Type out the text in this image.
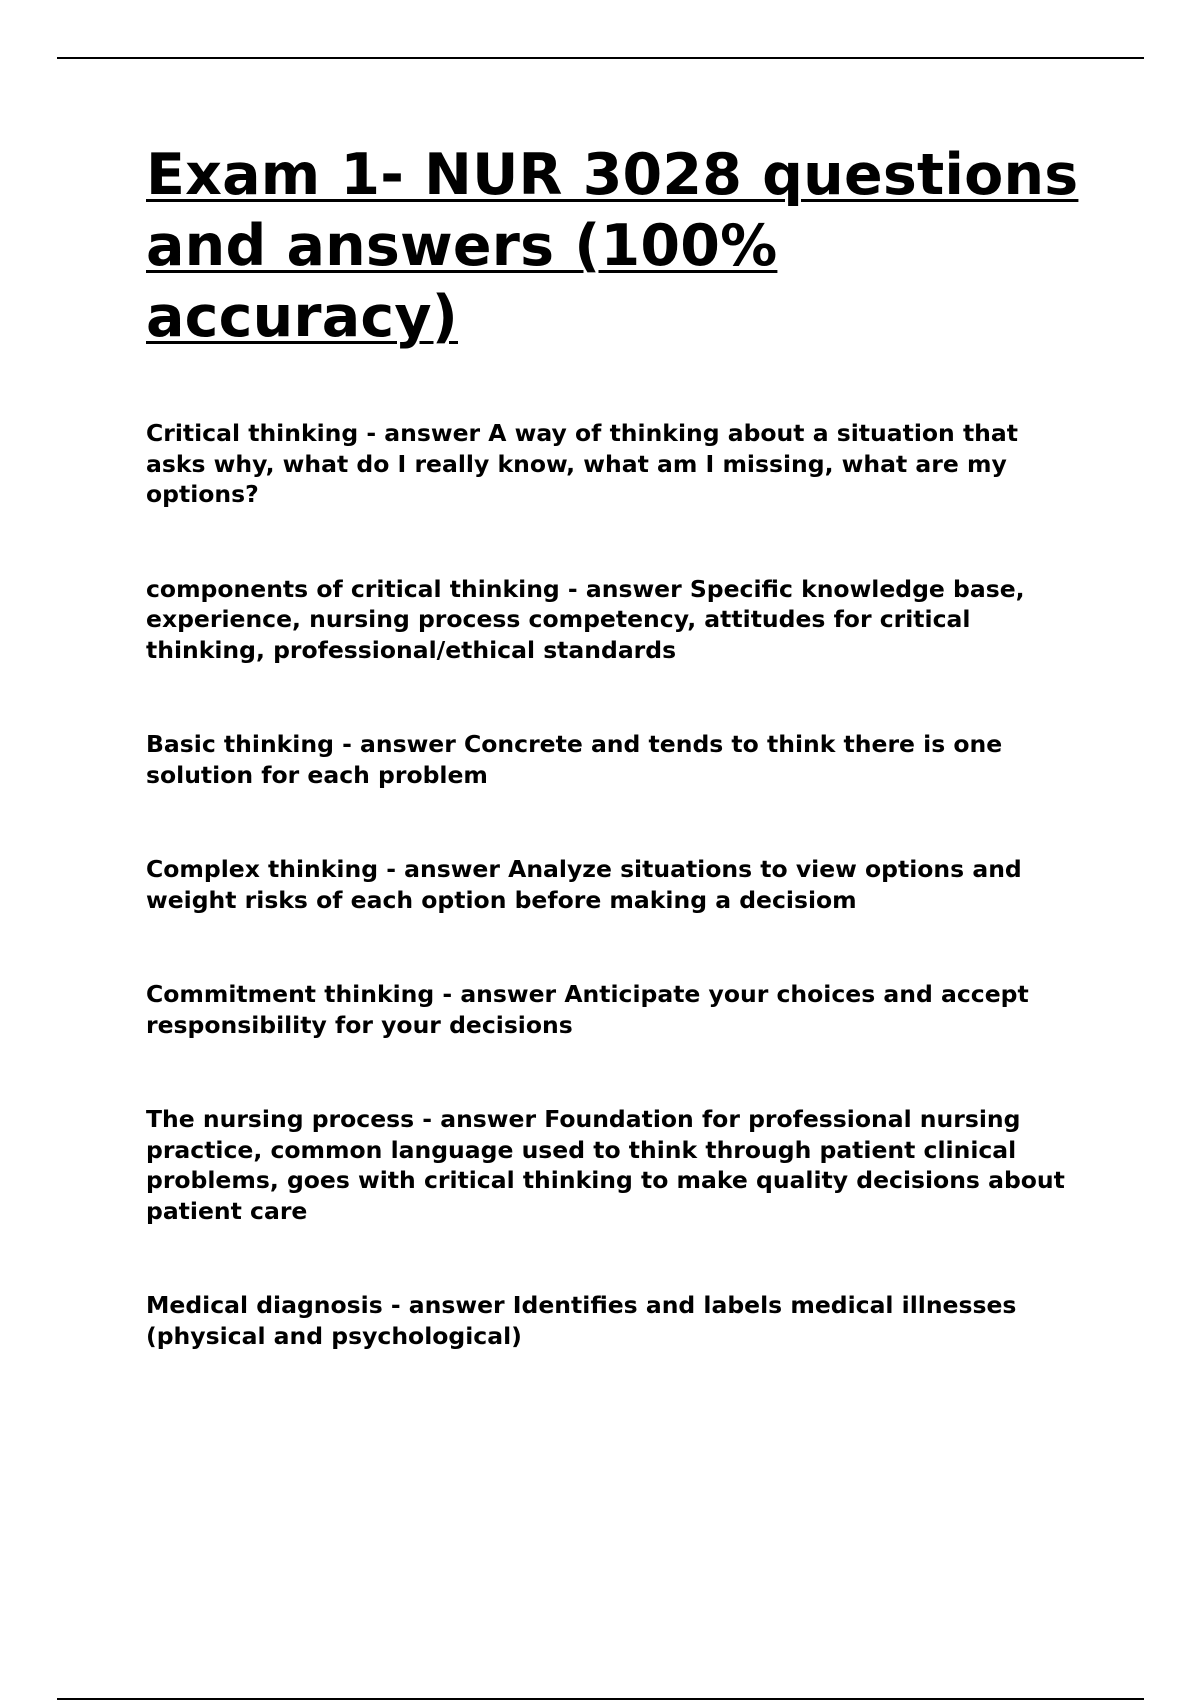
Exam 1- NUR 3028 questions and answers (100% accuracy)

Critical thinking - answer A way of thinking about a situation that asks why, what do I really know, what am I missing, what are my options?

components of critical thinking - answer Specific knowledge base, experience, nursing process competency, attitudes for critical thinking, professional/ethical standards

Basic thinking - answer Concrete and tends to think there is one solution for each problem

Complex thinking - answer Analyze situations to view options and weight risks of each option before making a decisiom

Commitment thinking - answer Anticipate your choices and accept responsibility for your decisions

The nursing process - answer Foundation for professional nursing practice, common language used to think through patient clinical problems, goes with critical thinking to make quality decisions about patient care

Medical diagnosis - answer Identifies and labels medical illnesses (physical and psychological)
